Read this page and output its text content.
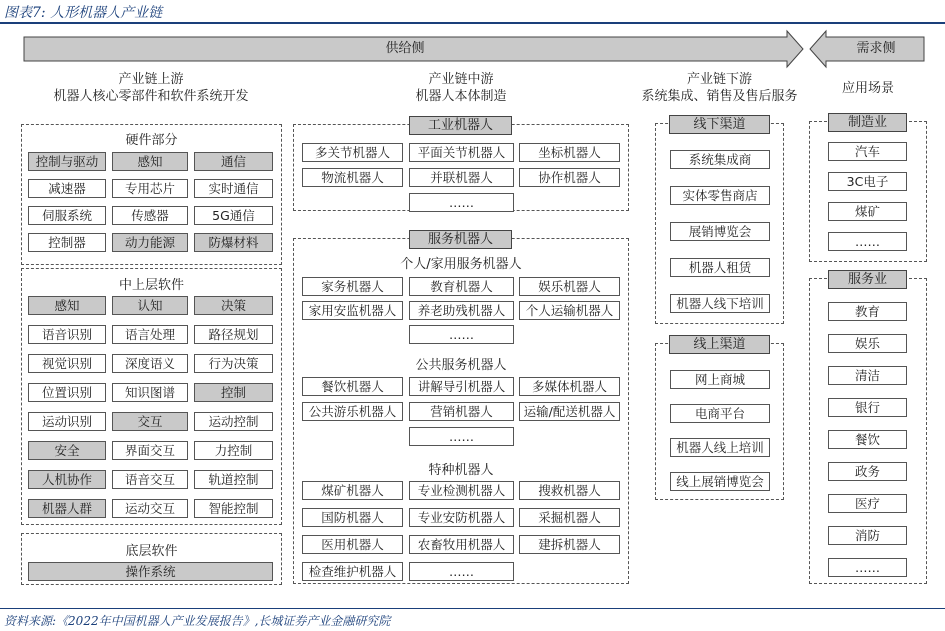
图表7: 人形机器人产业链
供给侧	需求侧
产业链上游
机器人核心零部件和软件系统开发
产业链中游
机器人本体制造
产业链下游
系统集成、销售及售后服务
应用场景
硬件部分
中上层软件
底层软件
操作系统
工业机器人
服务机器人
个人/家用服务机器人
公共服务机器人
特种机器人
线下渠道
线上渠道
制造业
服务业
资料来源:《2022年中国机器人产业发展报告》,长城证券产业金融研究院
控制与驱动	感知	通信
减速器	专用芯片	实时通信
伺服系统	传感器	5G通信
控制器	动力能源	防爆材料
感知	认知	决策
语音识别	语言处理	路径规划
视觉识别	深度语义	行为决策
位置识别	知识图谱	控制
运动识别	交互	运动控制
安全	界面交互	力控制
人机协作	语音交互	轨道控制
机器人群	运动交互	智能控制
多关节机器人	平面关节机器人	坐标机器人
物流机器人	并联机器人	协作机器人
……
家务机器人	教育机器人	娱乐机器人
家用安监机器人	养老助残机器人	个人运输机器人
……
餐饮机器人	讲解导引机器人	多媒体机器人
公共游乐机器人	营销机器人	运输/配送机器人
……
煤矿机器人	专业检测机器人	搜救机器人
国防机器人	专业安防机器人	采掘机器人
医用机器人	农畜牧用机器人	建拆机器人
检查维护机器人	……
系统集成商
实体零售商店
展销博览会
机器人租赁
机器人线下培训
网上商城
电商平台
机器人线上培训
线上展销博览会
汽车
3C电子
煤矿
……
教育
娱乐
清洁
银行
餐饮
政务
医疗
消防
……
